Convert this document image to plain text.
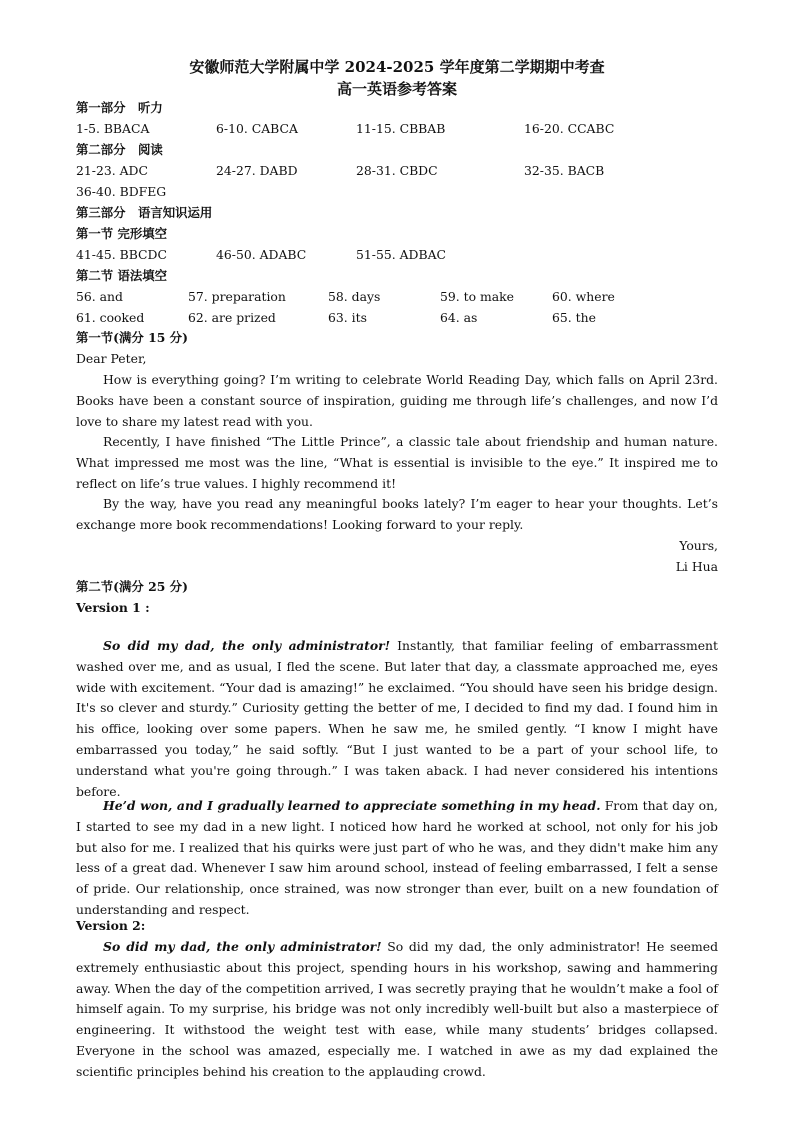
安徽师范大学附属中学 2024-2025 学年度第二学期期中考查
高一英语参考答案
第一部分　听力
1-5. BBACA	6-10. CABCA	11-15. CBBAB	16-20. CCABC
第二部分　阅读
21-23. ADC	24-27. DABD	28-31. CBDC	32-35. BACB
36-40. BDFEG
第三部分　语言知识运用
第一节 完形填空
41-45. BBCDC	46-50. ADABC	51-55. ADBAC
第二节 语法填空
56. and	57. preparation	58. days	59. to make	60. where
61. cooked	62. are prized	63. its	64. as	65. the
第一节(满分 15 分)
Dear Peter,
How is everything going? I’m writing to celebrate World Reading Day, which falls on April 23rd. Books have been a constant source of inspiration, guiding me through life’s challenges, and now I’d love to share my latest read with you.
Recently, I have finished “The Little Prince”, a classic tale about friendship and human nature. What impressed me most was the line, “What is essential is invisible to the eye.” It inspired me to reflect on life’s true values. I highly recommend it!
By the way, have you read any meaningful books lately? I’m eager to hear your thoughts. Let’s exchange more book recommendations! Looking forward to your reply.
Yours,
Li Hua
第二节(满分 25 分)
Version 1 :
So did my dad, the only administrator! Instantly, that familiar feeling of embarrassment washed over me, and as usual, I fled the scene. But later that day, a classmate approached me, eyes wide with excitement. “Your dad is amazing!” he exclaimed. “You should have seen his bridge design. It's so clever and sturdy.” Curiosity getting the better of me, I decided to find my dad. I found him in his office, looking over some papers. When he saw me, he smiled gently. “I know I might have embarrassed you today,” he said softly. “But I just wanted to be a part of your school life, to understand what you're going through.” I was taken aback. I had never considered his intentions before.
He’d won, and I gradually learned to appreciate something in my head. From that day on, I started to see my dad in a new light. I noticed how hard he worked at school, not only for his job but also for me. I realized that his quirks were just part of who he was, and they didn't make him any less of a great dad. Whenever I saw him around school, instead of feeling embarrassed, I felt a sense of pride. Our relationship, once strained, was now stronger than ever, built on a new foundation of understanding and respect.
Version 2:
So did my dad, the only administrator! So did my dad, the only administrator! He seemed extremely enthusiastic about this project, spending hours in his workshop, sawing and hammering away. When the day of the competition arrived, I was secretly praying that he wouldn’t make a fool of himself again. To my surprise, his bridge was not only incredibly well-built but also a masterpiece of engineering. It withstood the weight test with ease, while many students’ bridges collapsed. Everyone in the school was amazed, especially me. I watched in awe as my dad explained the scientific principles behind his creation to the applauding crowd.
